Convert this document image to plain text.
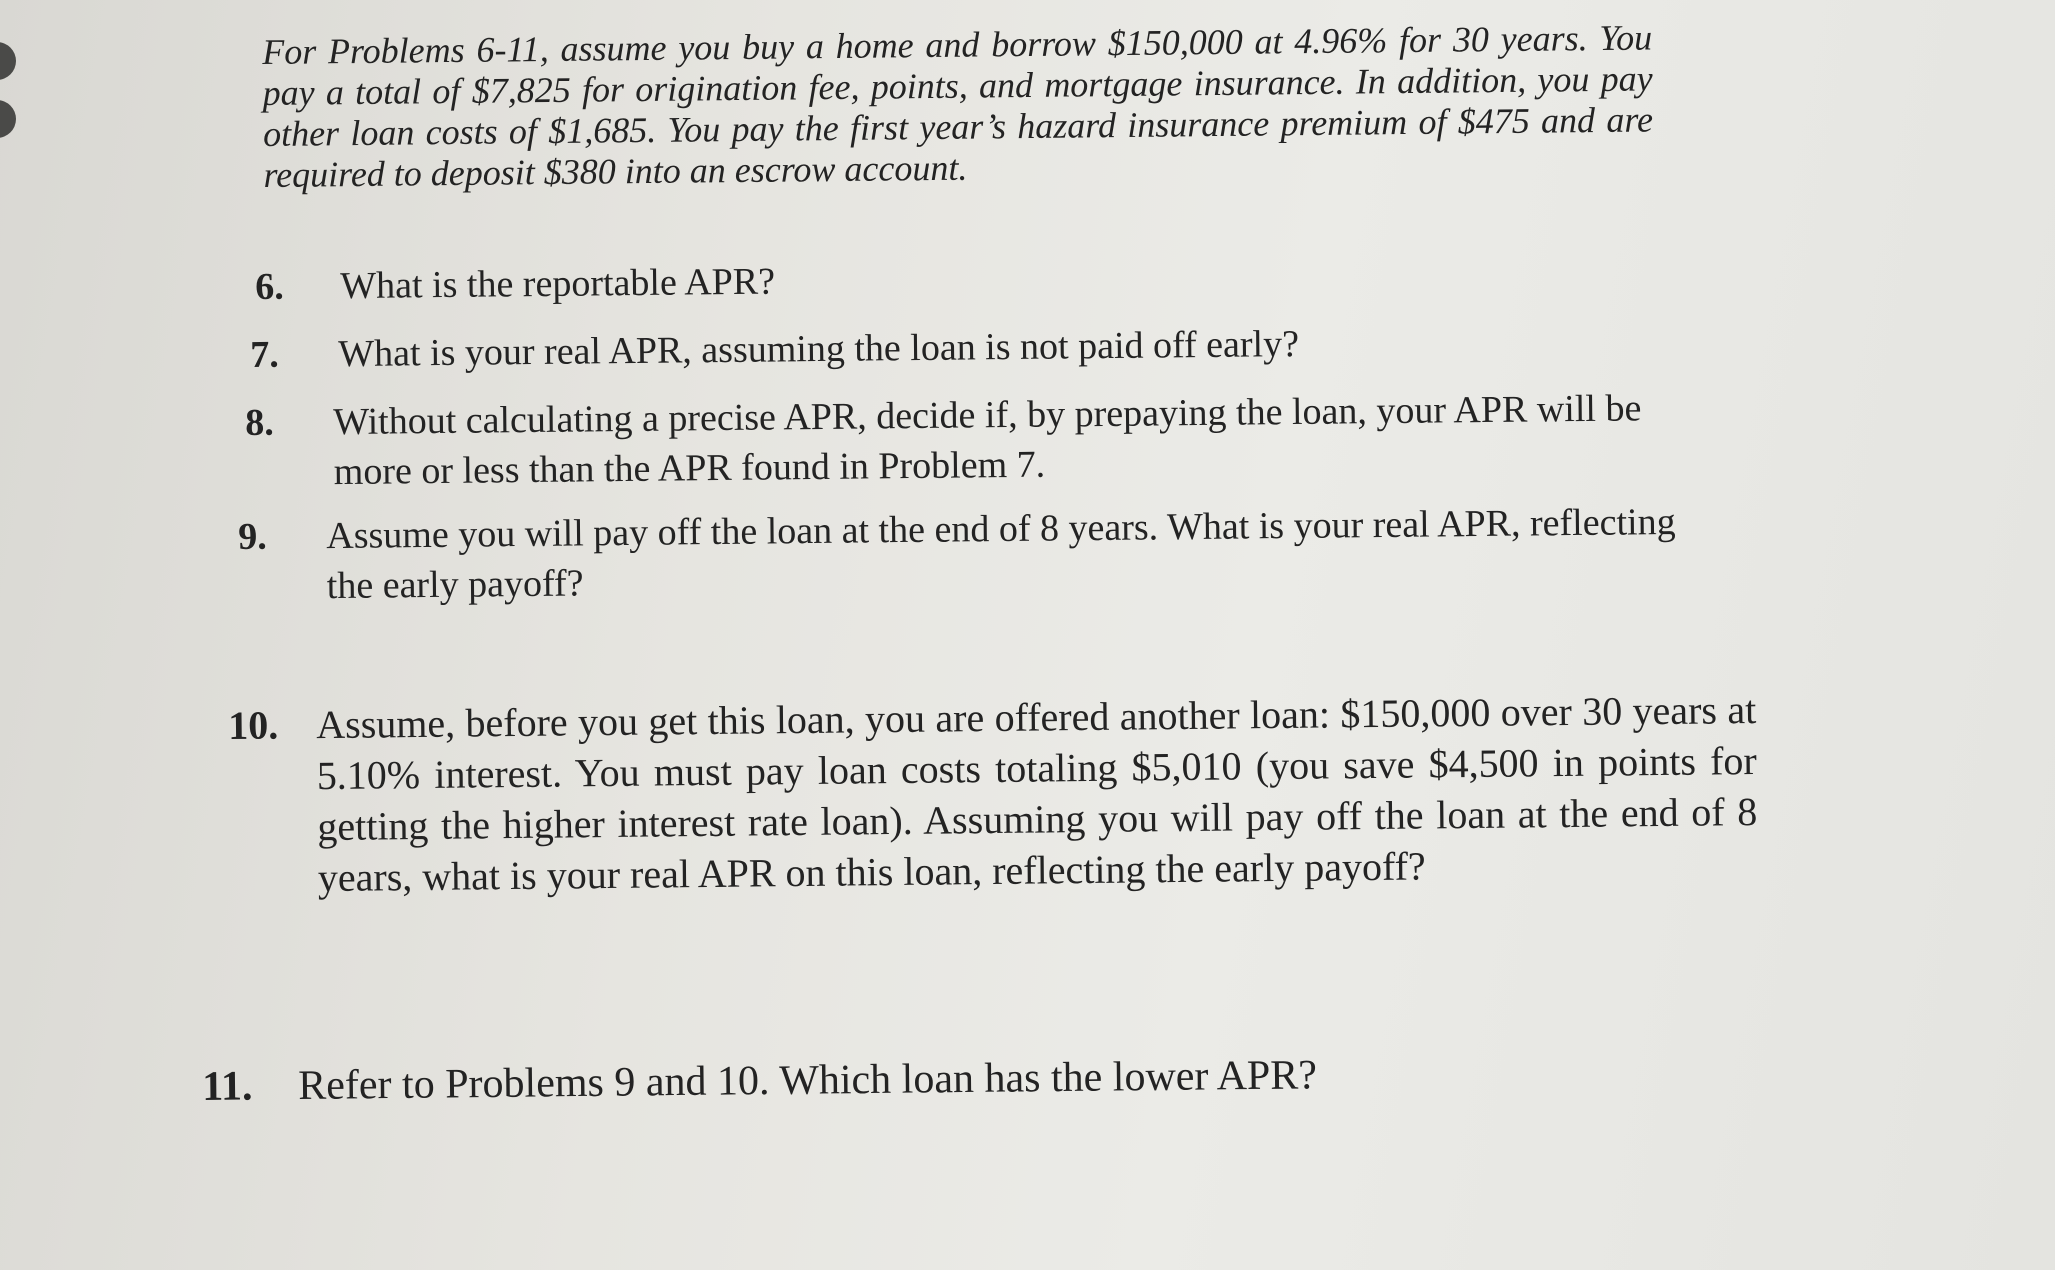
For Problems 6-11, assume you buy a home and borrow $150,000 at 4.96% for 30 years. You pay a total of $7,825 for origination fee, points, and mortgage insurance. In addition, you pay other loan costs of $1,685. You pay the first year’s hazard insurance premium of $475 and are required to deposit $380 into an escrow account.
6. What is the reportable APR?
7. What is your real APR, assuming the loan is not paid off early?
8. Without calculating a precise APR, decide if, by prepaying the loan, your APR will be more or less than the APR found in Problem 7.
9. Assume you will pay off the loan at the end of 8 years. What is your real APR, reflecting the early payoff?
10. Assume, before you get this loan, you are offered another loan: $150,000 over 30 years at 5.10% interest. You must pay loan costs totaling $5,010 (you save $4,500 in points for getting the higher interest rate loan). Assuming you will pay off the loan at the end of 8 years, what is your real APR on this loan, reflecting the early payoff?
11. Refer to Problems 9 and 10. Which loan has the lower APR?
